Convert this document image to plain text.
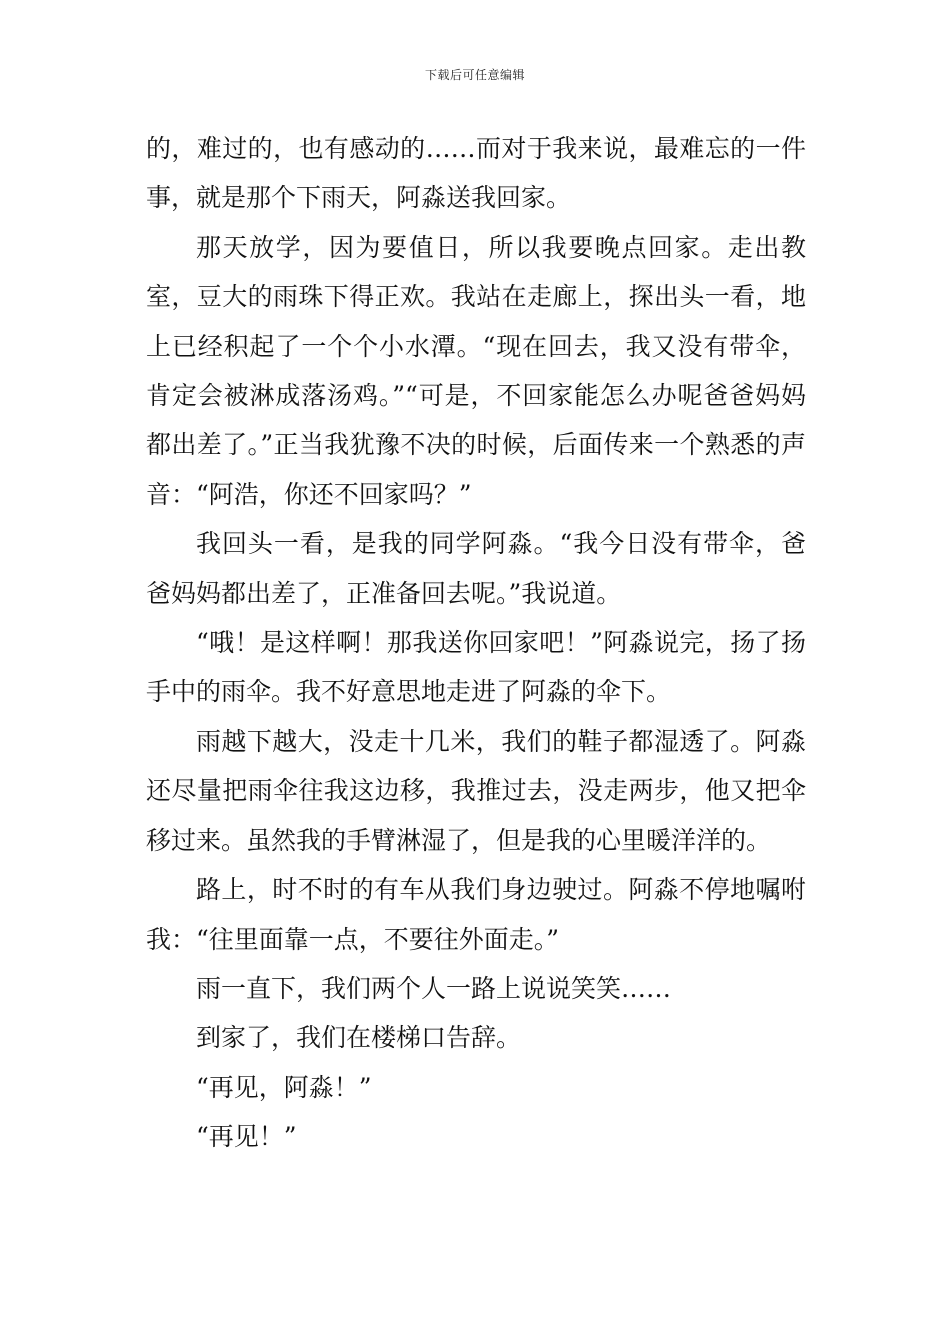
下载后可任意编辑

的，难过的，也有感动的……而对于我来说，最难忘的一件事，就是那个下雨天，阿淼送我回家。

那天放学，因为要值日，所以我要晚点回家。走出教室，豆大的雨珠下得正欢。我站在走廊上，探出头一看，地上已经积起了一个个小水潭。“现在回去，我又没有带伞，肯定会被淋成落汤鸡。”“可是，不回家能怎么办呢爸爸妈妈都出差了。”正当我犹豫不决的时候，后面传来一个熟悉的声音：“阿浩，你还不回家吗？”

我回头一看，是我的同学阿淼。“我今日没有带伞，爸爸妈妈都出差了，正准备回去呢。”我说道。

“哦！是这样啊！那我送你回家吧！”阿淼说完，扬了扬手中的雨伞。我不好意思地走进了阿淼的伞下。

雨越下越大，没走十几米，我们的鞋子都湿透了。阿淼还尽量把雨伞往我这边移，我推过去，没走两步，他又把伞移过来。虽然我的手臂淋湿了，但是我的心里暖洋洋的。

路上，时不时的有车从我们身边驶过。阿淼不停地嘱咐我：“往里面靠一点，不要往外面走。”

雨一直下，我们两个人一路上说说笑笑……

到家了，我们在楼梯口告辞。

“再见，阿淼！”

“再见！”
